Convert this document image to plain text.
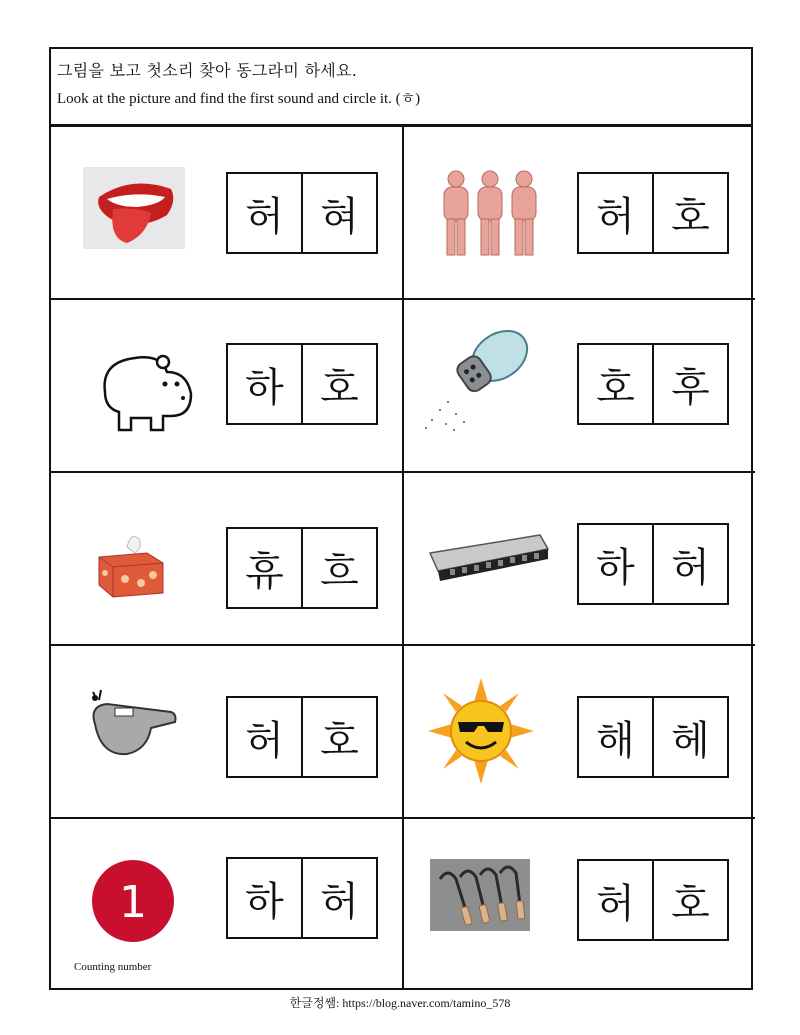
그림을 보고 첫소리 찾아 동그라미 하세요.
Look at the picture and find the first sound and circle it. (ㅎ)
허 혀	허 호
하 호	호 후
휴 흐	하 허
허 호	해 헤
1
Counting number
하 허	허 호
한글정쌤: https://blog.naver.com/tamino_578
